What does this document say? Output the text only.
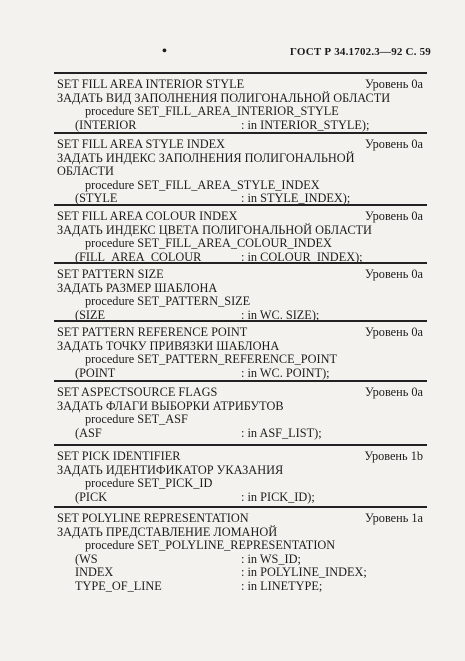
•	ГОСТ Р 34.1702.3—92 С. 59
SET FILL AREA INTERIOR STYLE	Уровень 0a
ЗАДАТЬ ВИД ЗАПОЛНЕНИЯ ПОЛИГОНАЛЬНОЙ ОБЛАСТИ
procedure SET_FILL_AREA_INTERIOR_STYLE
(INTERIOR	: in INTERIOR_STYLE);
SET FILL AREA STYLE INDEX	Уровень 0a
ЗАДАТЬ ИНДЕКС ЗАПОЛНЕНИЯ ПОЛИГОНАЛЬНОЙ
ОБЛАСТИ
procedure SET_FILL_AREA_STYLE_INDEX
(STYLE	: in STYLE_INDEX);
SET FILL AREA COLOUR INDEX	Уровень 0a
ЗАДАТЬ ИНДЕКС ЦВЕТА ПОЛИГОНАЛЬНОЙ ОБЛАСТИ
procedure SET_FILL_AREA_COLOUR_INDEX
(FILL_AREA_COLOUR	: in COLOUR_INDEX);
SET PATTERN SIZE	Уровень 0a
ЗАДАТЬ РАЗМЕР ШАБЛОНА
procedure SET_PATTERN_SIZE
(SIZE	: in WC. SIZE);
SET PATTERN REFERENCE POINT	Уровень 0a
ЗАДАТЬ ТОЧКУ ПРИВЯЗКИ ШАБЛОНА
procedure SET_PATTERN_REFERENCE_POINT
(POINT	: in WC. POINT);
SET ASPECTSOURCE FLAGS	Уровень 0a
ЗАДАТЬ ФЛАГИ ВЫБОРКИ АТРИБУТОВ
procedure SET_ASF
(ASF	: in ASF_LIST);
SET PICK IDENTIFIER	Уровень 1b
ЗАДАТЬ ИДЕНТИФИКАТОР УКАЗАНИЯ
procedure SET_PICK_ID
(PICK	: in PICK_ID);
SET POLYLINE REPRESENTATION	Уровень 1a
ЗАДАТЬ ПРЕДСТАВЛЕНИЕ ЛОМАНОЙ
procedure SET_POLYLINE_REPRESENTATION
(WS	: in WS_ID;
INDEX	: in POLYLINE_INDEX;
TYPE_OF_LINE	: in LINETYPE;
